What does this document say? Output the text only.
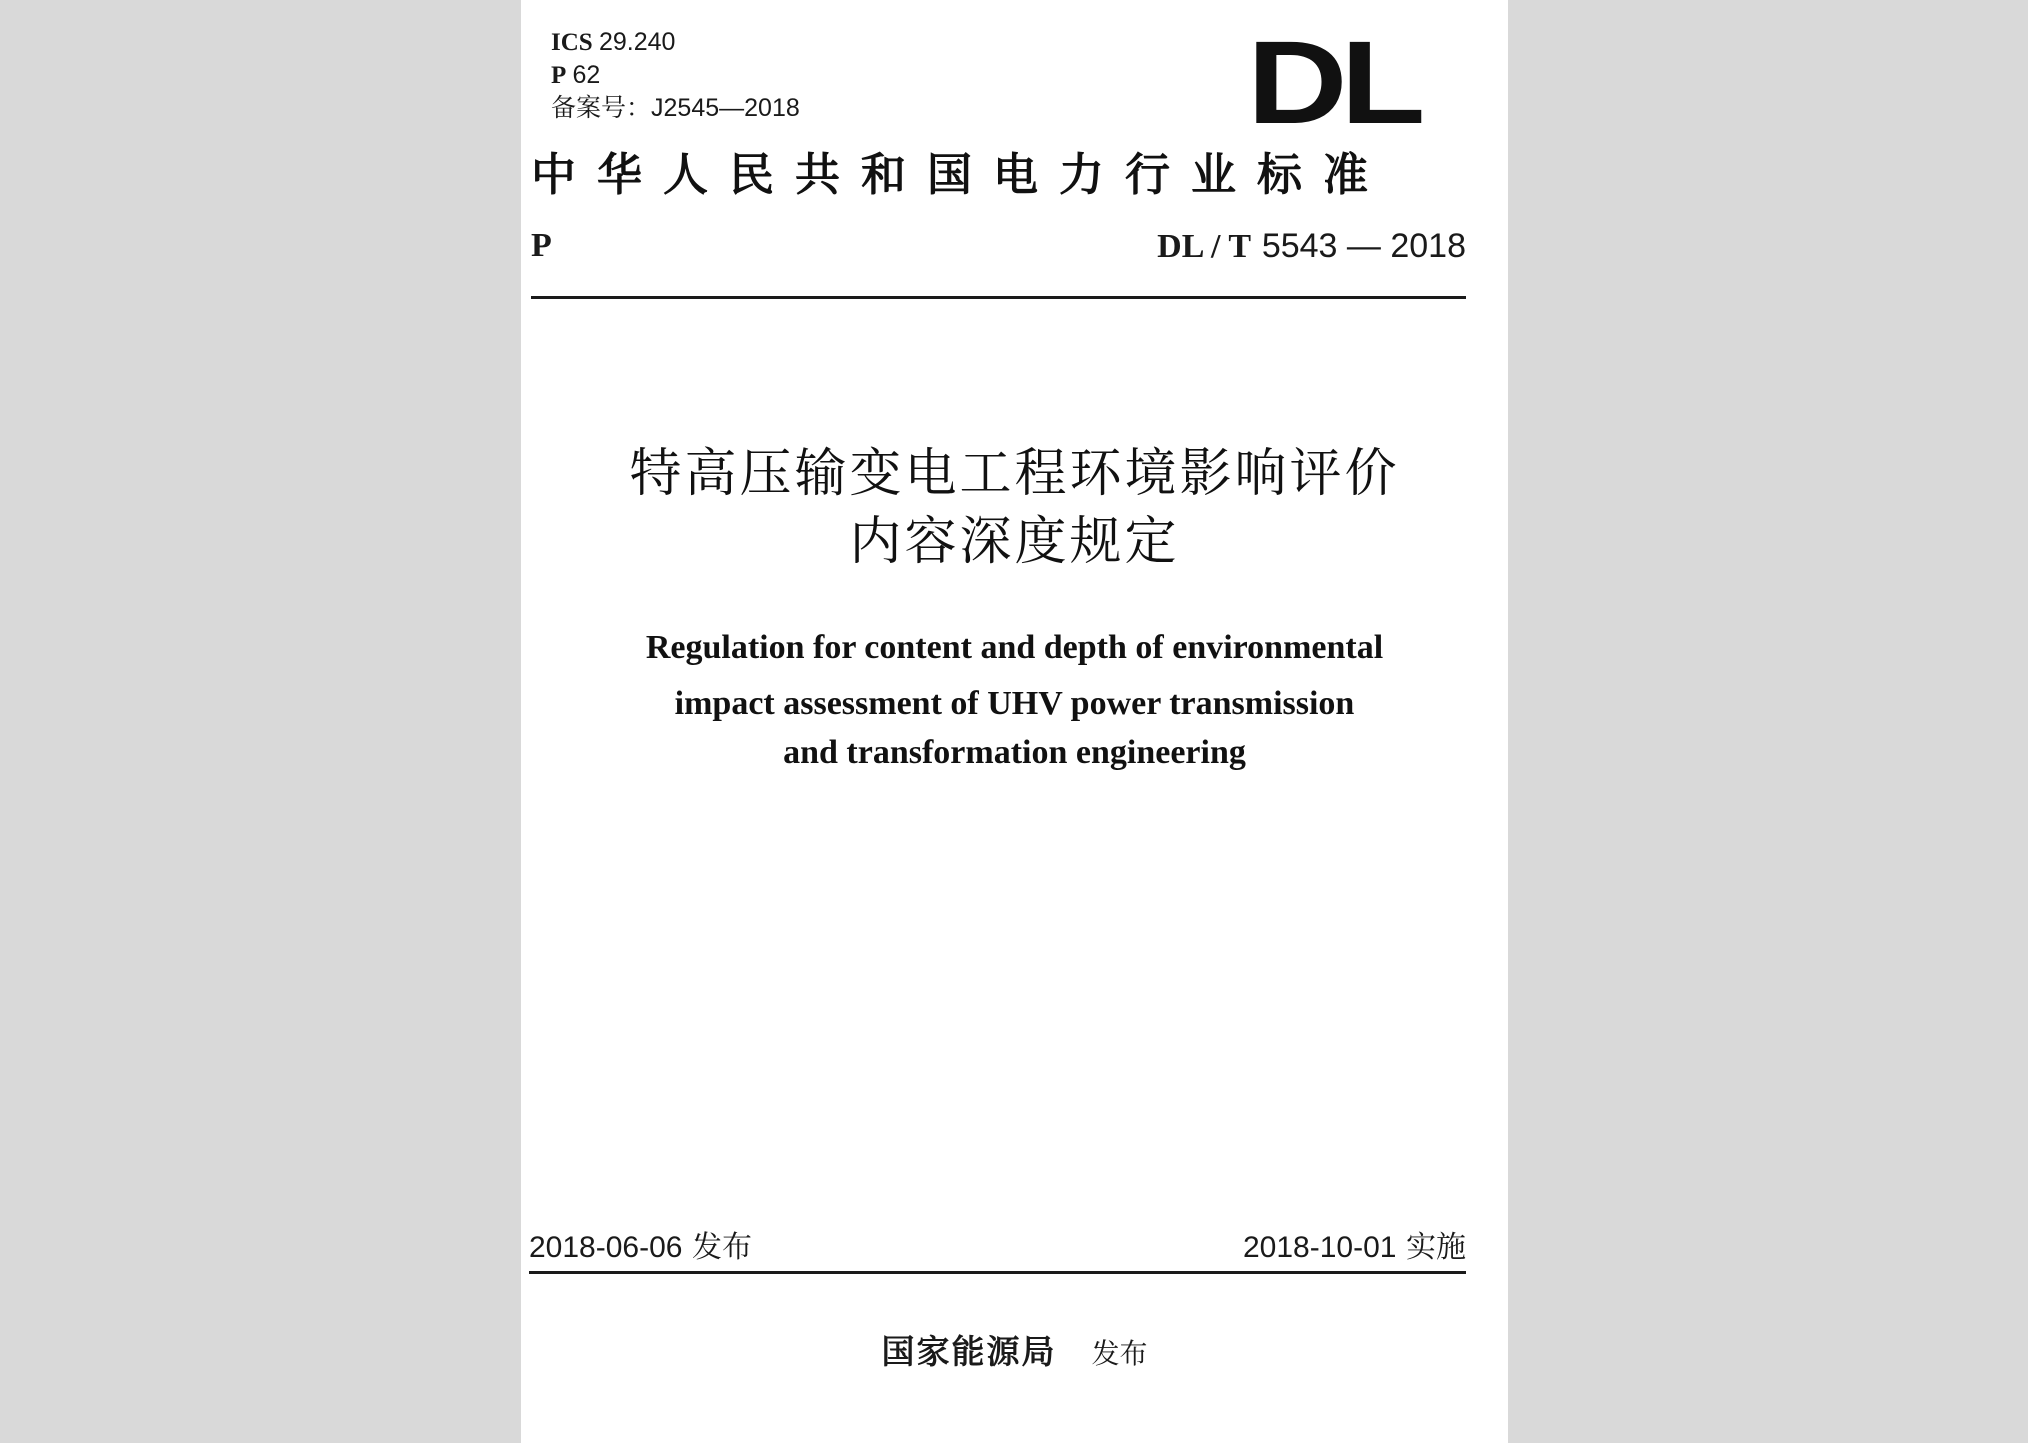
ICS 29.240
P 62
备案号：J2545—2018	DL
中华人民共和国电力行业标准
P	DL / T 5543 — 2018
特高压输变电工程环境影响评价
内容深度规定
Regulation for content and depth of environmental
impact assessment of UHV power transmission
and transformation engineering
2018-06-06 发布	2018-10-01 实施
国家能源局 发布
